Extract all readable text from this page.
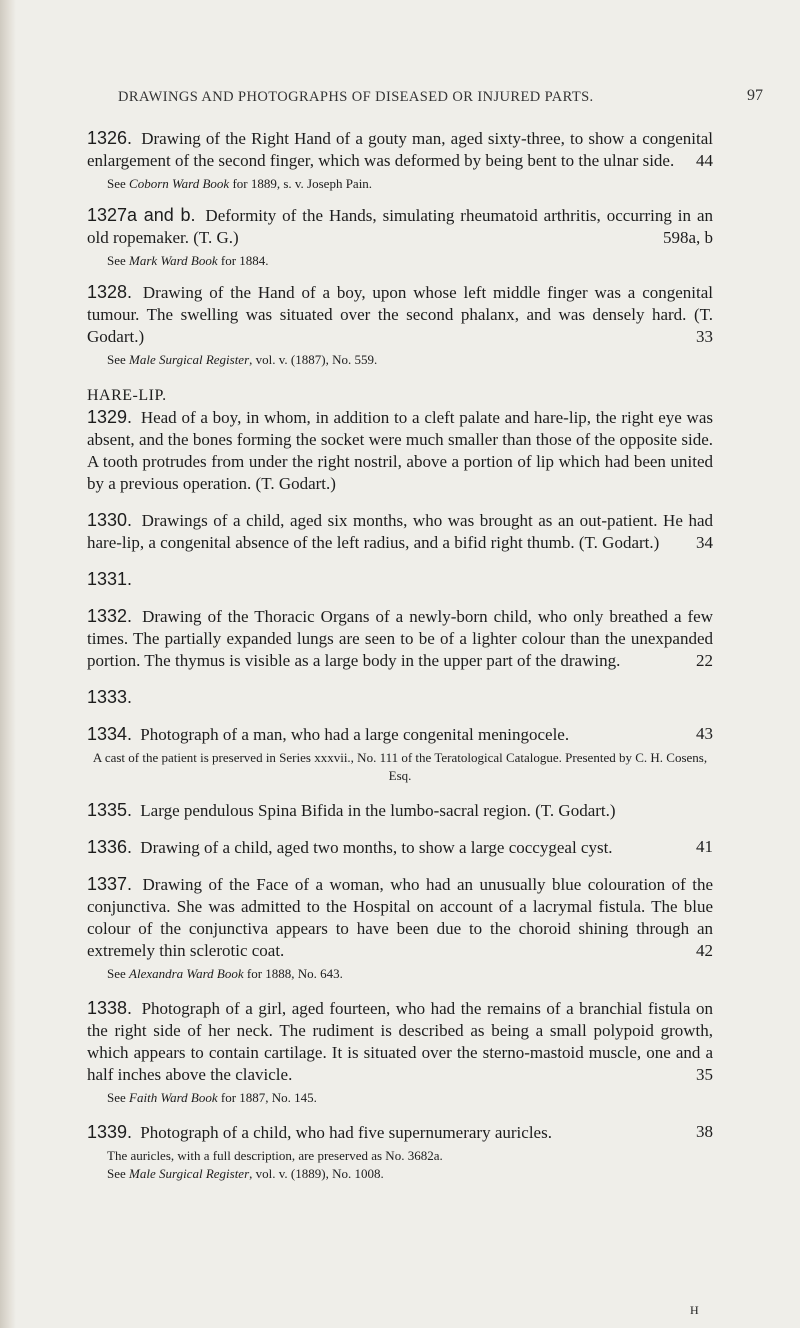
DRAWINGS AND PHOTOGRAPHS OF DISEASED OR INJURED PARTS.	97
1326. Drawing of the Right Hand of a gouty man, aged sixty-three, to show a congenital enlargement of the second finger, which was deformed by being bent to the ulnar side.	44
See Coborn Ward Book for 1889, s. v. Joseph Pain.
1327a and b. Deformity of the Hands, simulating rheumatoid arthritis, occurring in an old ropemaker. (T. G.)	598a, b
See Mark Ward Book for 1884.
1328. Drawing of the Hand of a boy, upon whose left middle finger was a congenital tumour. The swelling was situated over the second phalanx, and was densely hard. (T. Godart.)	33
See Male Surgical Register, vol. v. (1887), No. 559.
HARE-LIP.
1329. Head of a boy, in whom, in addition to a cleft palate and hare-lip, the right eye was absent, and the bones forming the socket were much smaller than those of the opposite side. A tooth protrudes from under the right nostril, above a portion of lip which had been united by a previous operation. (T. Godart.)
1330. Drawings of a child, aged six months, who was brought as an out-patient. He had hare-lip, a congenital absence of the left radius, and a bifid right thumb. (T. Godart.)	34
1331.
1332. Drawing of the Thoracic Organs of a newly-born child, who only breathed a few times. The partially expanded lungs are seen to be of a lighter colour than the unexpanded portion. The thymus is visible as a large body in the upper part of the drawing.	22
1333.
1334. Photograph of a man, who had a large congenital meningocele.	43
A cast of the patient is preserved in Series xxxvii., No. 111 of the Teratological Catalogue. Presented by C. H. Cosens, Esq.
1335. Large pendulous Spina Bifida in the lumbo-sacral region. (T. Godart.)
1336. Drawing of a child, aged two months, to show a large coccygeal cyst.	41
1337. Drawing of the Face of a woman, who had an unusually blue colouration of the conjunctiva. She was admitted to the Hospital on account of a lacrymal fistula. The blue colour of the conjunctiva appears to have been due to the choroid shining through an extremely thin sclerotic coat.	42
See Alexandra Ward Book for 1888, No. 643.
1338. Photograph of a girl, aged fourteen, who had the remains of a branchial fistula on the right side of her neck. The rudiment is described as being a small polypoid growth, which appears to contain cartilage. It is situated over the sterno-mastoid muscle, one and a half inches above the clavicle.	35
See Faith Ward Book for 1887, No. 145.
1339. Photograph of a child, who had five supernumerary auricles.	38
The auricles, with a full description, are preserved as No. 3682a.
See Male Surgical Register, vol. v. (1889), No. 1008.
H
